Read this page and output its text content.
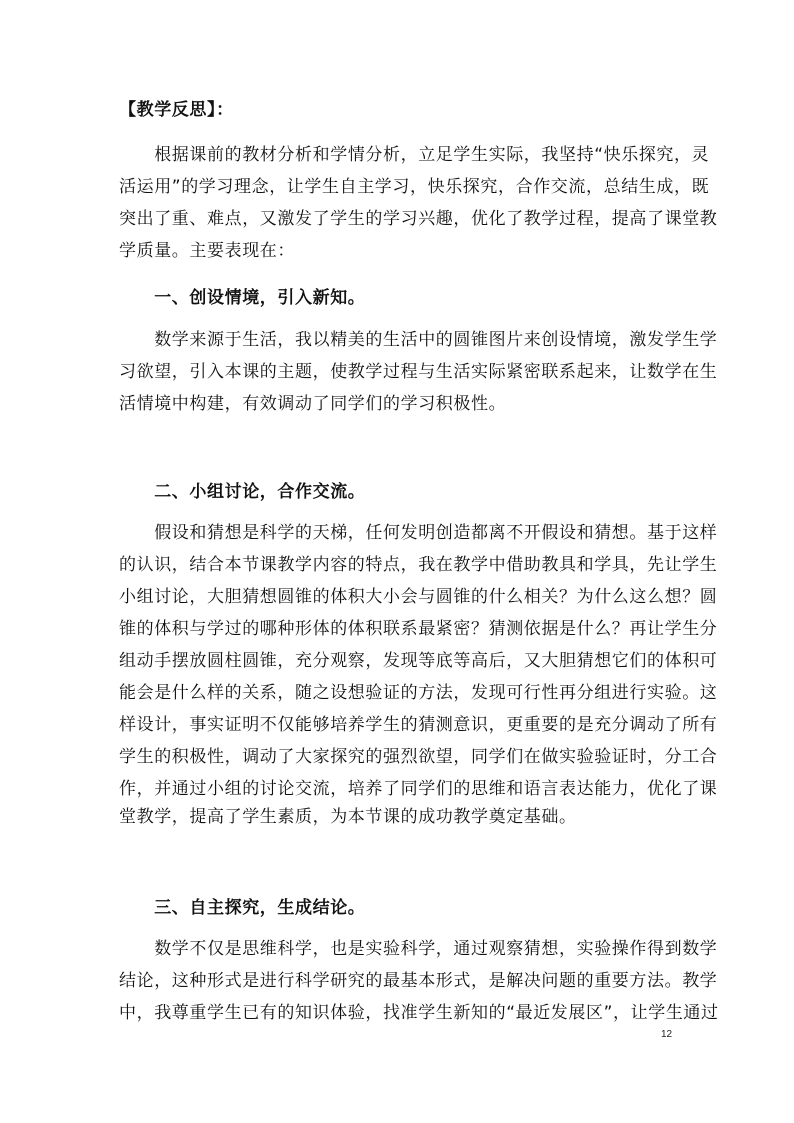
【教学反思】：
　　根据课前的教材分析和学情分析，立足学生实际，我坚持“快乐探究，灵
活运用”的学习理念，让学生自主学习，快乐探究，合作交流，总结生成，既
突出了重、难点，又激发了学生的学习兴趣，优化了教学过程，提高了课堂教
学质量。主要表现在：
　　一、创设情境，引入新知。
　　数学来源于生活，我以精美的生活中的圆锥图片来创设情境，激发学生学
习欲望，引入本课的主题，使教学过程与生活实际紧密联系起来，让数学在生
活情境中构建，有效调动了同学们的学习积极性。
　　二、小组讨论，合作交流。
　　假设和猜想是科学的天梯，任何发明创造都离不开假设和猜想。基于这样
的认识，结合本节课教学内容的特点，我在教学中借助教具和学具，先让学生
小组讨论，大胆猜想圆锥的体积大小会与圆锥的什么相关？为什么这么想？圆
锥的体积与学过的哪种形体的体积联系最紧密？猜测依据是什么？再让学生分
组动手摆放圆柱圆锥，充分观察，发现等底等高后，又大胆猜想它们的体积可
能会是什么样的关系，随之设想验证的方法，发现可行性再分组进行实验。这
样设计，事实证明不仅能够培养学生的猜测意识，更重要的是充分调动了所有
学生的积极性，调动了大家探究的强烈欲望，同学们在做实验验证时，分工合
作，并通过小组的讨论交流，培养了同学们的思维和语言表达能力，优化了课
堂教学，提高了学生素质，为本节课的成功教学奠定基础。
　　三、自主探究，生成结论。
　　数学不仅是思维科学，也是实验科学，通过观察猜想，实验操作得到数学
结论，这种形式是进行科学研究的最基本形式，是解决问题的重要方法。教学
中，我尊重学生已有的知识体验，找准学生新知的“最近发展区”，让学生通过
12
